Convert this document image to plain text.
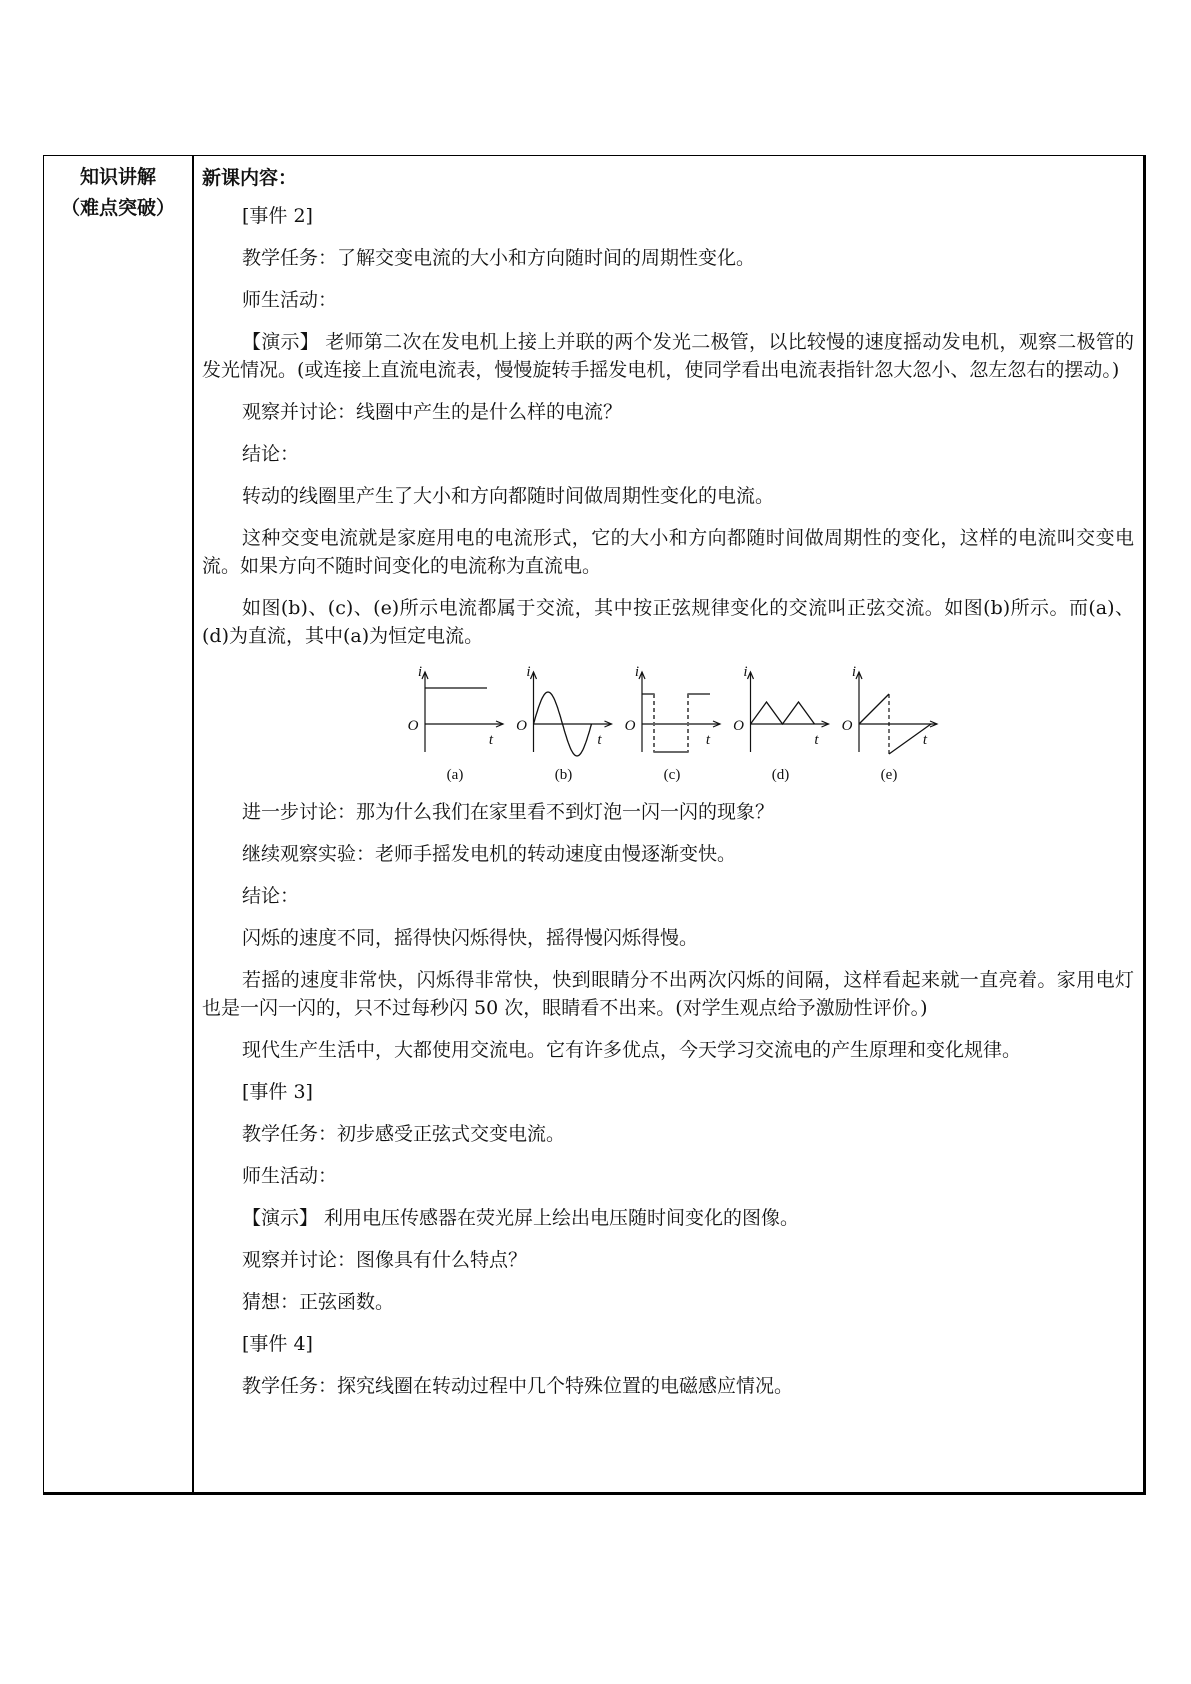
知识讲解
（难点突破）
新课内容：
[事件 2]
教学任务：了解交变电流的大小和方向随时间的周期性变化。
师生活动：
【演示】 老师第二次在发电机上接上并联的两个发光二极管，以比较慢的速度摇动发电机，观察二极管的发光情况。(或连接上直流电流表，慢慢旋转手摇发电机，使同学看出电流表指针忽大忽小、忽左忽右的摆动。)
观察并讨论：线圈中产生的是什么样的电流？
结论：
转动的线圈里产生了大小和方向都随时间做周期性变化的电流。
这种交变电流就是家庭用电的电流形式，它的大小和方向都随时间做周期性的变化，这样的电流叫交变电流。如果方向不随时间变化的电流称为直流电。
如图(b)、(c)、(e)所示电流都属于交流，其中按正弦规律变化的交流叫正弦交流。如图(b)所示。而(a)、(d)为直流，其中(a)为恒定电流。
i
O
t
(a)
i
O
t
(b)
i
O
t
(c)
i
O
t
(d)
i
O
t
(e)
进一步讨论：那为什么我们在家里看不到灯泡一闪一闪的现象？
继续观察实验：老师手摇发电机的转动速度由慢逐渐变快。
结论：
闪烁的速度不同，摇得快闪烁得快，摇得慢闪烁得慢。
若摇的速度非常快，闪烁得非常快，快到眼睛分不出两次闪烁的间隔，这样看起来就一直亮着。家用电灯也是一闪一闪的，只不过每秒闪 50 次，眼睛看不出来。(对学生观点给予激励性评价。)
现代生产生活中，大都使用交流电。它有许多优点，今天学习交流电的产生原理和变化规律。
[事件 3]
教学任务：初步感受正弦式交变电流。
师生活动：
【演示】 利用电压传感器在荧光屏上绘出电压随时间变化的图像。
观察并讨论：图像具有什么特点？
猜想：正弦函数。
[事件 4]
教学任务：探究线圈在转动过程中几个特殊位置的电磁感应情况。
